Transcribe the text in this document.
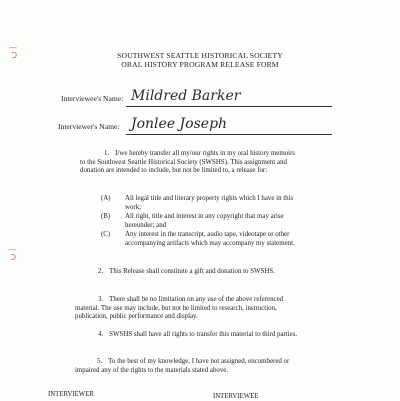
—
Ↄ
—
Ↄ
SOUTHWEST SEATTLE HISTORICAL SOCIETY
ORAL HISTORY PROGRAM RELEASE FORM
Interviewee's Name: Mildred Barker
Interviewer's Name: Jonlee Joseph
1. I/we hereby transfer all my/our rights in my oral history memoirs to the Southwest Seattle Historical Society (SWSHS). This assignment and donation are intended to include, but not be limited to, a release for:
(A) All legal title and literary property rights which I have in this work;
(B) All right, title and interest in any copyright that may arise hereunder; and
(C) Any interest in the transcript, audio tape, videotape or other accompanying artifacts which may accompany my statement.
2. This Release shall constitute a gift and donation to SWSHS.
3. There shall be no limitation on any use of the above referenced material. The use may include, but not be limited to research, instruction, publication, public performance and display.
4. SWSHS shall have all rights to transfer this material to third parties.
5. To the best of my knowledge, I have not assigned, encumbered or impaired any of the rights to the materials stated above.
INTERVIEWER	INTERVIEWEE
